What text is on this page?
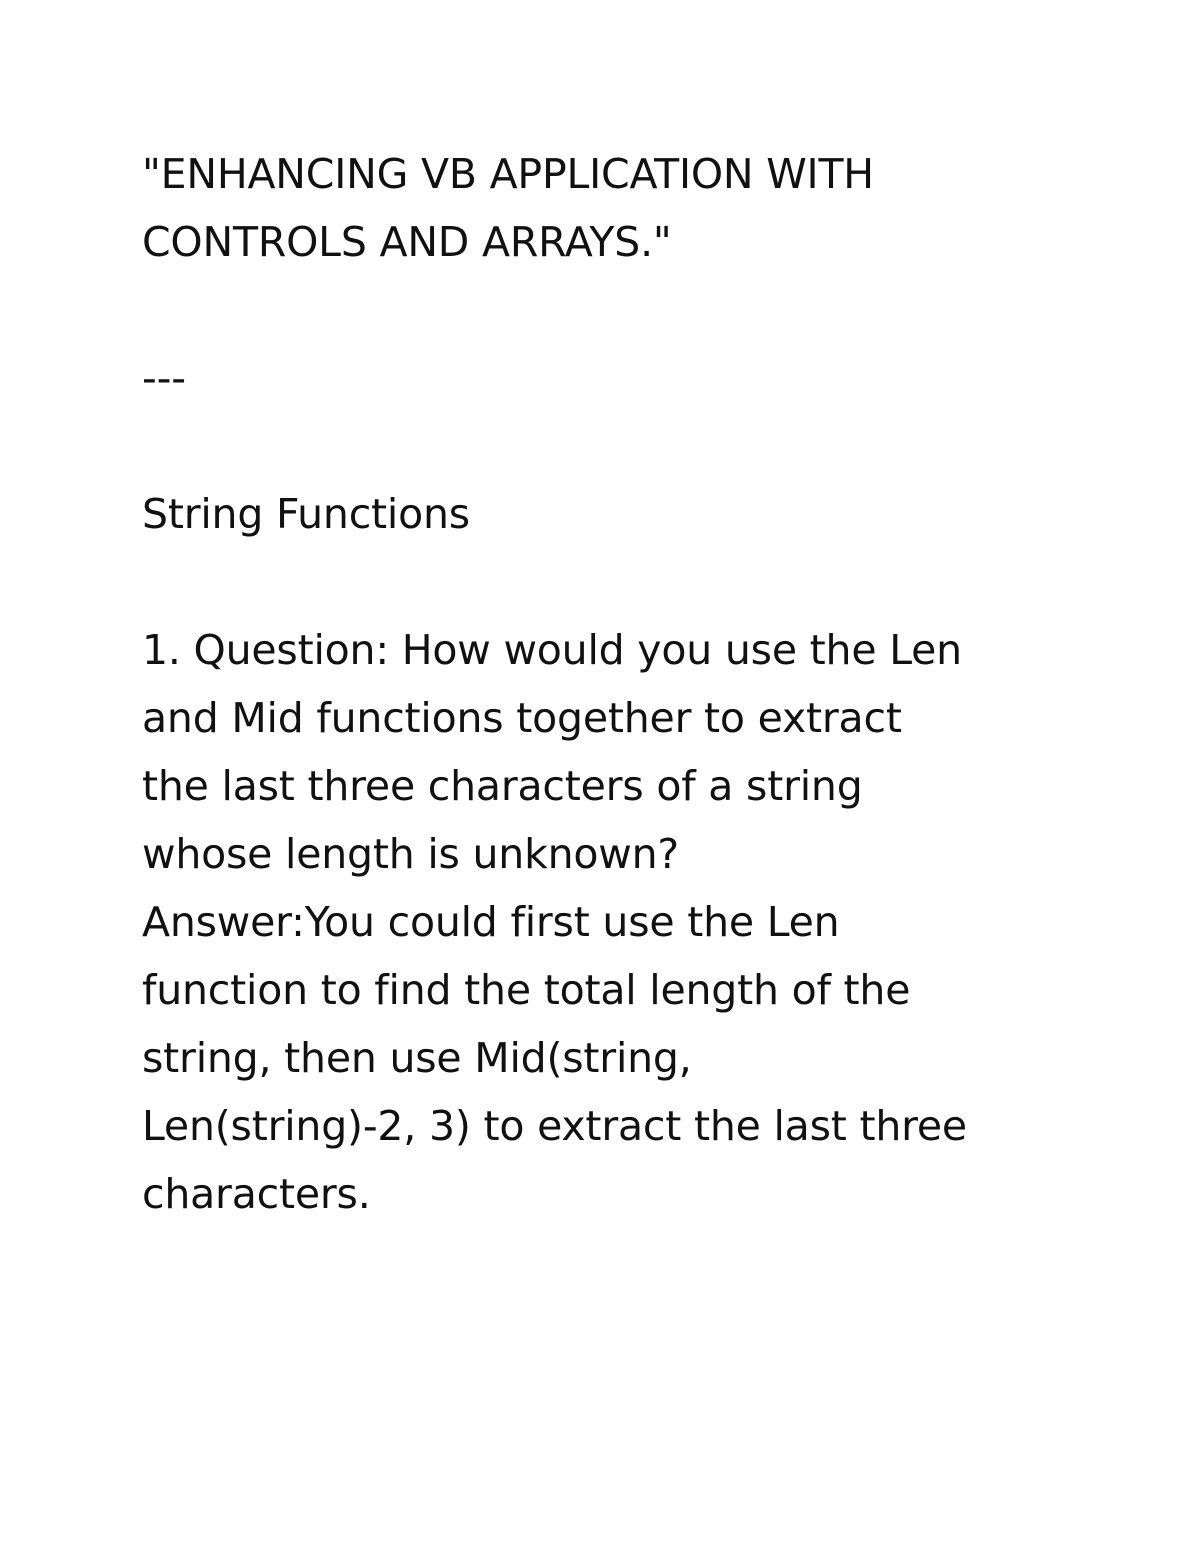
"ENHANCING VB APPLICATION WITH
CONTROLS AND ARRAYS."
---
String Functions
1. Question: How would you use the Len
and Mid functions together to extract
the last three characters of a string
whose length is unknown?
Answer:You could first use the Len
function to find the total length of the
string, then use Mid(string,
Len(string)-2, 3) to extract the last three
characters.
